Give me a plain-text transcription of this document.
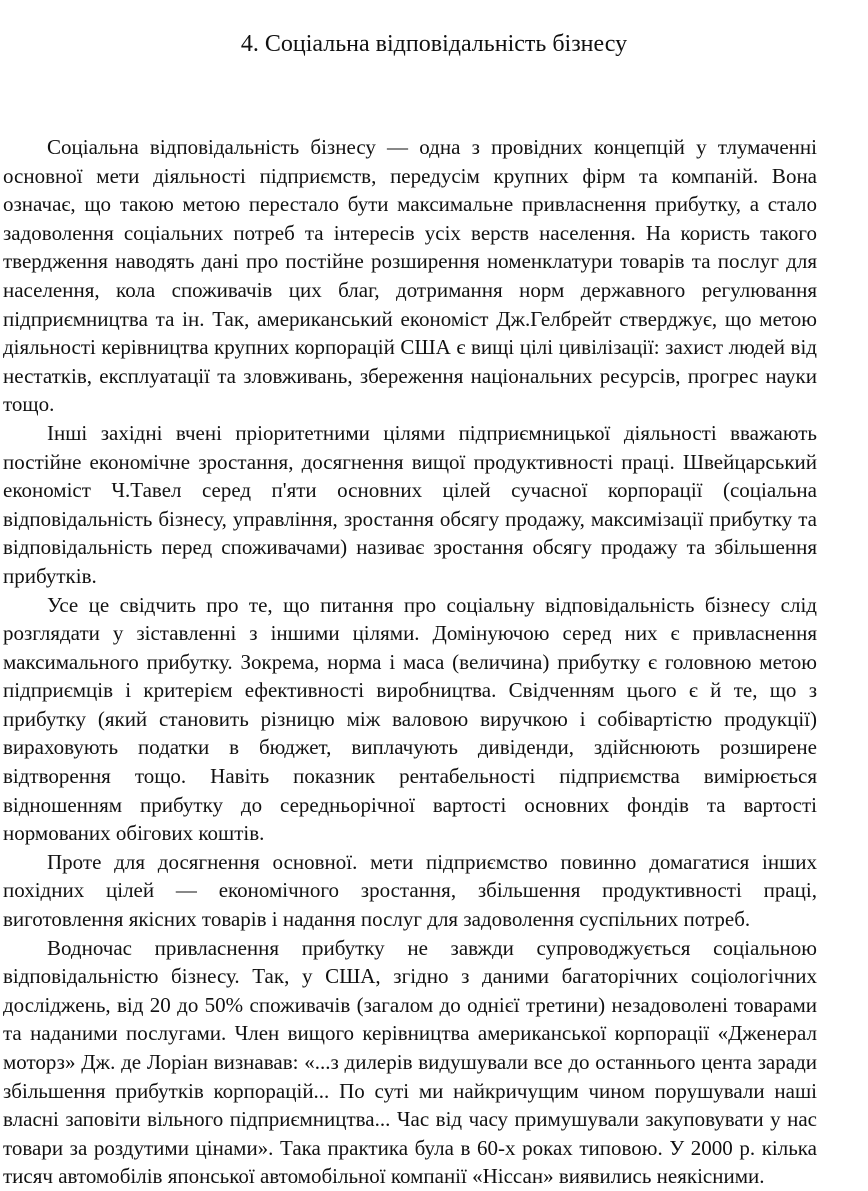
4. Соціальна відповідальність бізнесу

Соціальна відповідальність бізнесу — одна з провідних концепцій у тлумаченні основної мети діяльності підприємств, передусім крупних фірм та компаній. Вона означає, що такою метою перестало бути максимальне привласнення прибутку, а стало задоволення соціальних потреб та інтересів усіх верств населення. На користь такого твердження наводять дані про постійне розширення номенклатури товарів та послуг для населення, кола споживачів цих благ, дотримання норм державного регулювання підприємництва та ін. Так, американський економіст Дж.Гелбрейт стверджує, що метою діяльності керівництва крупних корпорацій США є вищі цілі цивілізації: захист людей від нестатків, експлуатації та зловживань, збереження національних ресурсів, прогрес науки тощо.

Інші західні вчені пріоритетними цілями підприємницької діяльності вважають постійне економічне зростання, досягнення вищої продуктивності праці. Швейцарський економіст Ч.Тавел серед п'яти основних цілей сучасної корпорації (соціальна відповідальність бізнесу, управління, зростання обсягу продажу, максимізації прибутку та відповідальність перед споживачами) називає зростання обсягу продажу та збільшення прибутків.

Усе це свідчить про те, що питання про соціальну відповідальність бізнесу слід розглядати у зіставленні з іншими цілями. Домінуючою серед них є привласнення максимального прибутку. Зокрема, норма і маса (величина) прибутку є головною метою підприємців і критерієм ефективності виробництва. Свідченням цього є й те, що з прибутку (який становить різницю між валовою виручкою і собівартістю продукції) вираховують податки в бюджет, виплачують дивіденди, здійснюють розширене відтворення тощо. Навіть показник рентабельності підприємства вимірюється відношенням прибутку до середньорічної вартості основних фондів та вартості нормованих обігових коштів.

Проте для досягнення основної. мети підприємство повинно домагатися інших похідних цілей — економічного зростання, збільшення продуктивності праці, виготовлення якісних товарів і надання послуг для задоволення суспільних потреб.

Водночас привласнення прибутку не завжди супроводжується соціальною відповідальністю бізнесу. Так, у США, згідно з даними багаторічних соціологічних досліджень, від 20 до 50% споживачів (загалом до однієї третини) незадоволені товарами та наданими послугами. Член вищого керівництва американської корпорації «Дженерал моторз» Дж. де Лоріан визнавав: «...з дилерів видушували все до останнього цента заради збільшення прибутків корпорацій... По суті ми найкричущим чином порушували наші власні заповіти вільного підприємництва... Час від часу примушували закуповувати у нас товари за роздутими цінами». Така практика була в 60-х роках типовою. У 2000 р. кілька тисяч автомобілів японської автомобільної компанії «Ніссан» виявились неякісними.
